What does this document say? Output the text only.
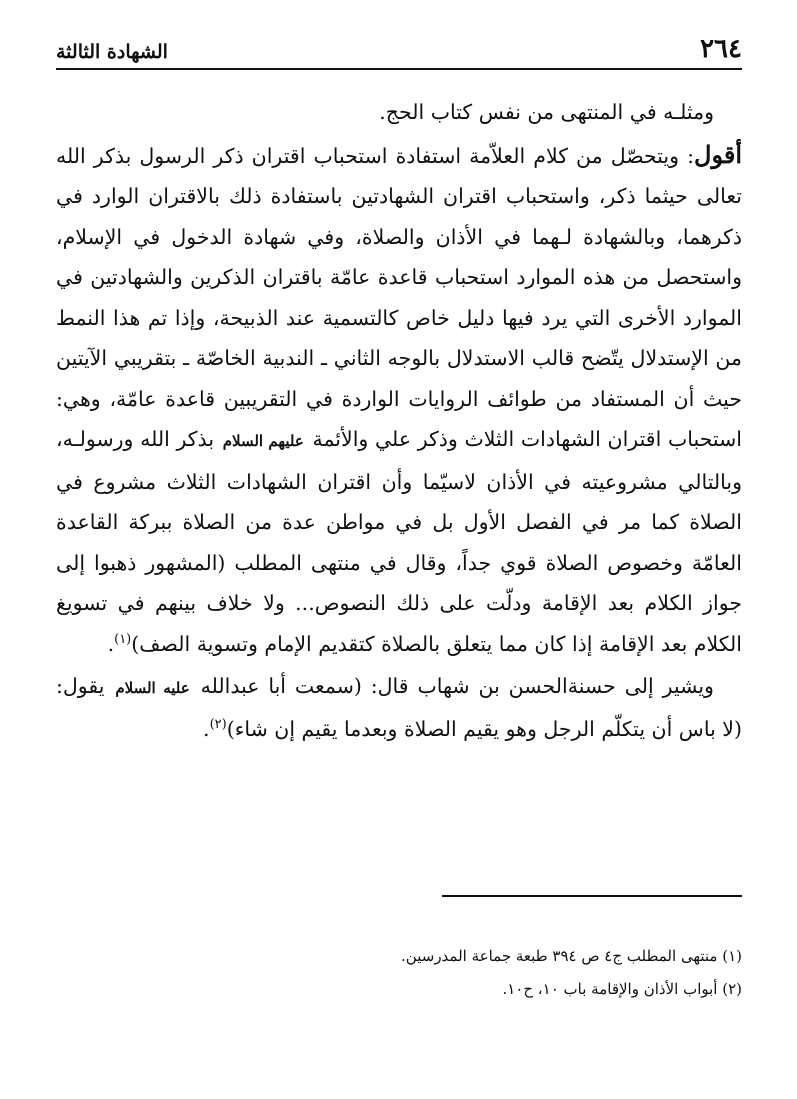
٢٦٤
الشهادة الثالثة

ومثلـه في المنتهى من نفس كتاب الحج.

أقول: ويتحصّل من كلام العلاّمة استفادة استحباب اقتران ذكر الرسول بذكر الله تعالى حيثما ذكر، واستحباب اقتران الشهادتين باستفادة ذلك بالاقتران الوارد في ذكرهما، وبالشهادة لـهما في الأذان والصلاة، وفي شهادة الدخول في الإسلام، واستحصل من هذه الموارد استحباب قاعدة عامّة باقتران الذكرين والشهادتين في الموارد الأخرى التي يرد فيها دليل خاص كالتسمية عند الذبيحة، وإذا تم هذا النمط من الإستدلال يتّضح قالب الاستدلال بالوجه الثاني ـ الندبية الخاصّة ـ بتقريبي الآيتين حيث أن المستفاد من طوائف الروايات الواردة في التقريبين قاعدة عامّة، وهي: استحباب اقتران الشهادات الثلاث وذكر علي والأئمة عليهم السلام بذكر الله ورسولـه، وبالتالي مشروعيته في الأذان لاسيّما وأن اقتران الشهادات الثلاث مشروع في الصلاة كما مر في الفصل الأول بل في مواطن عدة من الصلاة ببركة القاعدة العامّة وخصوص الصلاة قوي جداً، وقال في منتهى المطلب (المشهور ذهبوا إلى جواز الكلام بعد الإقامة ودلّت على ذلك النصوص... ولا خلاف بينهم في تسويغ الكلام بعد الإقامة إذا كان مما يتعلق بالصلاة كتقديم الإمام وتسوية الصف)$^{(١)}$.

ويشير إلى حسنةالحسن بن شهاب قال: (سمعت أبا عبدالله عليه السلام يقول: (لا باس أن يتكلّم الرجل وهو يقيم الصلاة وبعدما يقيم إن شاء)$^{(٢)}$.

(١) منتهى المطلب ج٤ ص ٣٩٤ طبعة جماعة المدرسين.
(٢) أبواب الأذان والإقامة باب ١٠، ح١٠.
